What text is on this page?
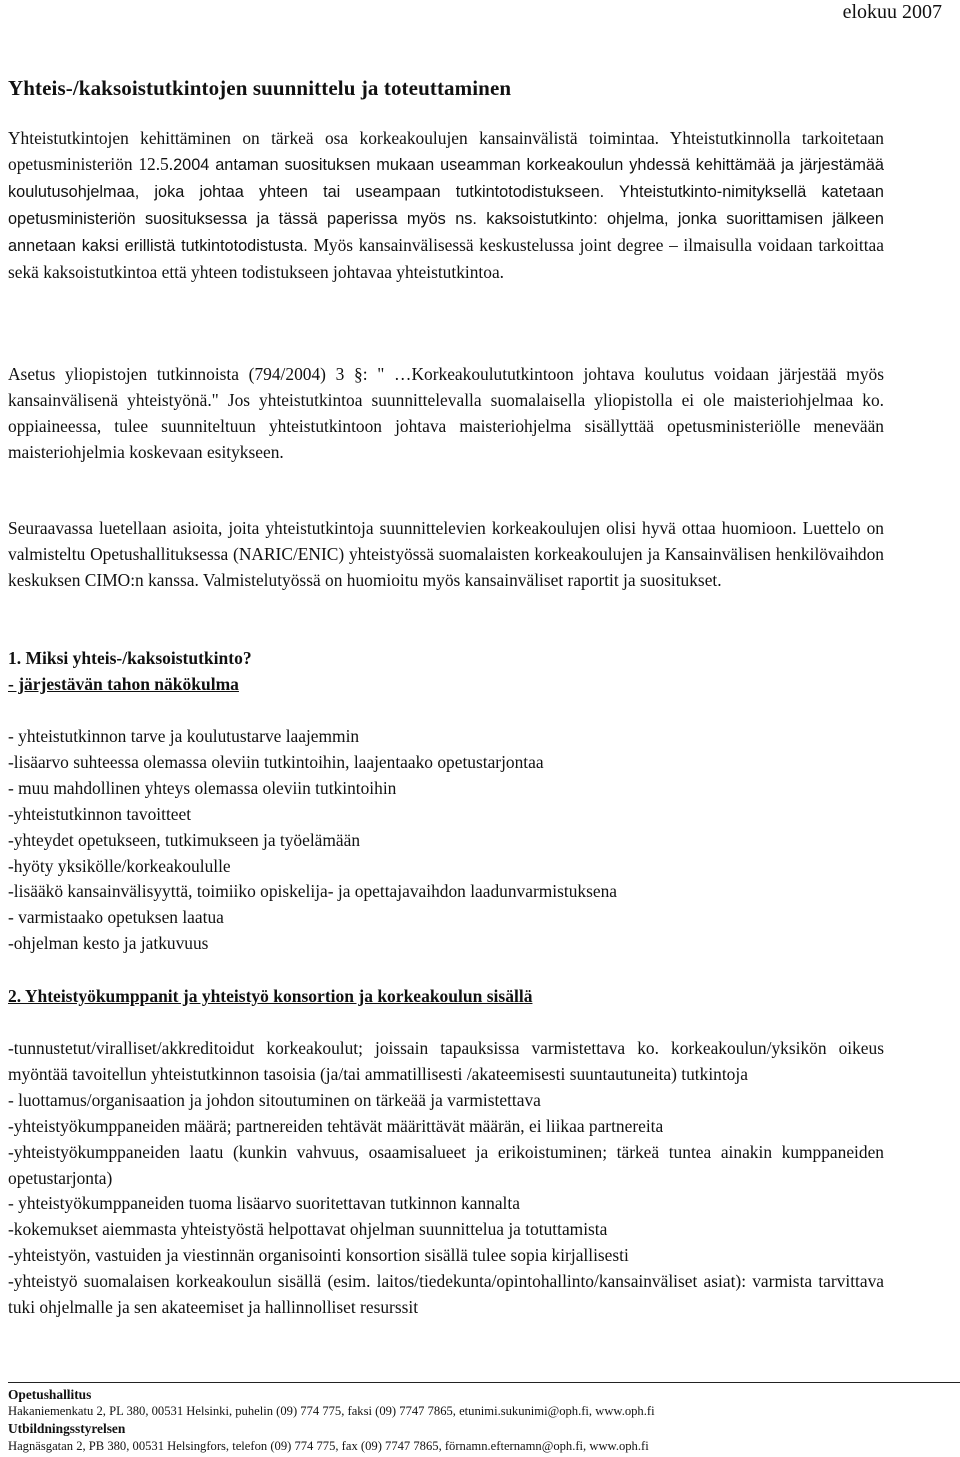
elokuu 2007
Yhteis-/kaksoistutkintojen suunnittelu ja toteuttaminen

Yhteistutkintojen kehittäminen on tärkeä osa korkeakoulujen kansainvälistä toimintaa. Yhteistutkinnolla tarkoitetaan opetusministeriön 12.5.2004 antaman suosituksen mukaan useamman korkeakoulun yhdessä kehittämää ja järjestämää koulutusohjelmaa, joka johtaa yhteen tai useampaan tutkintotodistukseen. Yhteistutkinto-nimityksellä katetaan opetusministeriön suosituksessa ja tässä paperissa myös ns. kaksoistutkinto: ohjelma, jonka suorittamisen jälkeen annetaan kaksi erillistä tutkintotodistusta. Myös kansainvälisessä keskustelussa joint degree – ilmaisulla voidaan tarkoittaa sekä kaksoistutkintoa että yhteen todistukseen johtavaa yhteistutkintoa.

Asetus yliopistojen tutkinnoista (794/2004) 3 §: " …Korkeakoulututkintoon johtava koulutus voidaan järjestää myös kansainvälisenä yhteistyönä." Jos yhteistutkintoa suunnittelevalla suomalaisella yliopistolla ei ole maisteriohjelmaa ko. oppiaineessa, tulee suunniteltuun yhteistutkintoon johtava maisteriohjelma sisällyttää opetusministeriölle menevään maisteriohjelmia koskevaan esitykseen.

Seuraavassa luetellaan asioita, joita yhteistutkintoja suunnittelevien korkeakoulujen olisi hyvä ottaa huomioon. Luettelo on valmisteltu Opetushallituksessa (NARIC/ENIC) yhteistyössä suomalaisten korkeakoulujen ja Kansainvälisen henkilövaihdon keskuksen CIMO:n kanssa. Valmistelutyössä on huomioitu myös kansainväliset raportit ja suositukset.

1. Miksi yhteis-/kaksoistutkinto?
- järjestävän tahon näkökulma
- yhteistutkinnon tarve ja koulutustarve laajemmin
-lisäarvo suhteessa olemassa oleviin tutkintoihin, laajentaako opetustarjontaa
- muu mahdollinen yhteys olemassa oleviin tutkintoihin
-yhteistutkinnon tavoitteet
-yhteydet opetukseen, tutkimukseen ja työelämään
-hyöty yksikölle/korkeakoululle
-lisääkö kansainvälisyyttä, toimiiko opiskelija- ja opettajavaihdon laadunvarmistuksena
- varmistaako opetuksen laatua
-ohjelman kesto ja jatkuvuus
2. Yhteistyökumppanit ja yhteistyö konsortion ja korkeakoulun sisällä
-tunnustetut/viralliset/akkreditoidut korkeakoulut; joissain tapauksissa varmistettava ko. korkeakoulun/yksikön oikeus myöntää tavoitellun yhteistutkinnon tasoisia (ja/tai ammatillisesti /akateemisesti suuntautuneita) tutkintoja
- luottamus/organisaation ja johdon sitoutuminen on tärkeää ja varmistettava
-yhteistyökumppaneiden määrä; partnereiden tehtävät määrittävät määrän, ei liikaa partnereita
-yhteistyökumppaneiden laatu (kunkin vahvuus, osaamisalueet ja erikoistuminen; tärkeä tuntea ainakin kumppaneiden opetustarjonta)
- yhteistyökumppaneiden tuoma lisäarvo suoritettavan tutkinnon kannalta
-kokemukset aiemmasta yhteistyöstä helpottavat ohjelman suunnittelua ja totuttamista
-yhteistyön, vastuiden ja viestinnän organisointi konsortion sisällä tulee sopia kirjallisesti
-yhteistyö suomalaisen korkeakoulun sisällä (esim. laitos/tiedekunta/opintohallinto/kansainväliset asiat): varmista tarvittava tuki ohjelmalle ja sen akateemiset ja hallinnolliset resurssit
Opetushallitus
Hakaniemenkatu 2, PL 380, 00531 Helsinki, puhelin (09) 774 775, faksi (09) 7747 7865, etunimi.sukunimi@oph.fi, www.oph.fi
Utbildningsstyrelsen
Hagnäsgatan 2, PB 380, 00531 Helsingfors, telefon (09) 774 775, fax (09) 7747 7865, förnamn.efternamn@oph.fi, www.oph.fi
